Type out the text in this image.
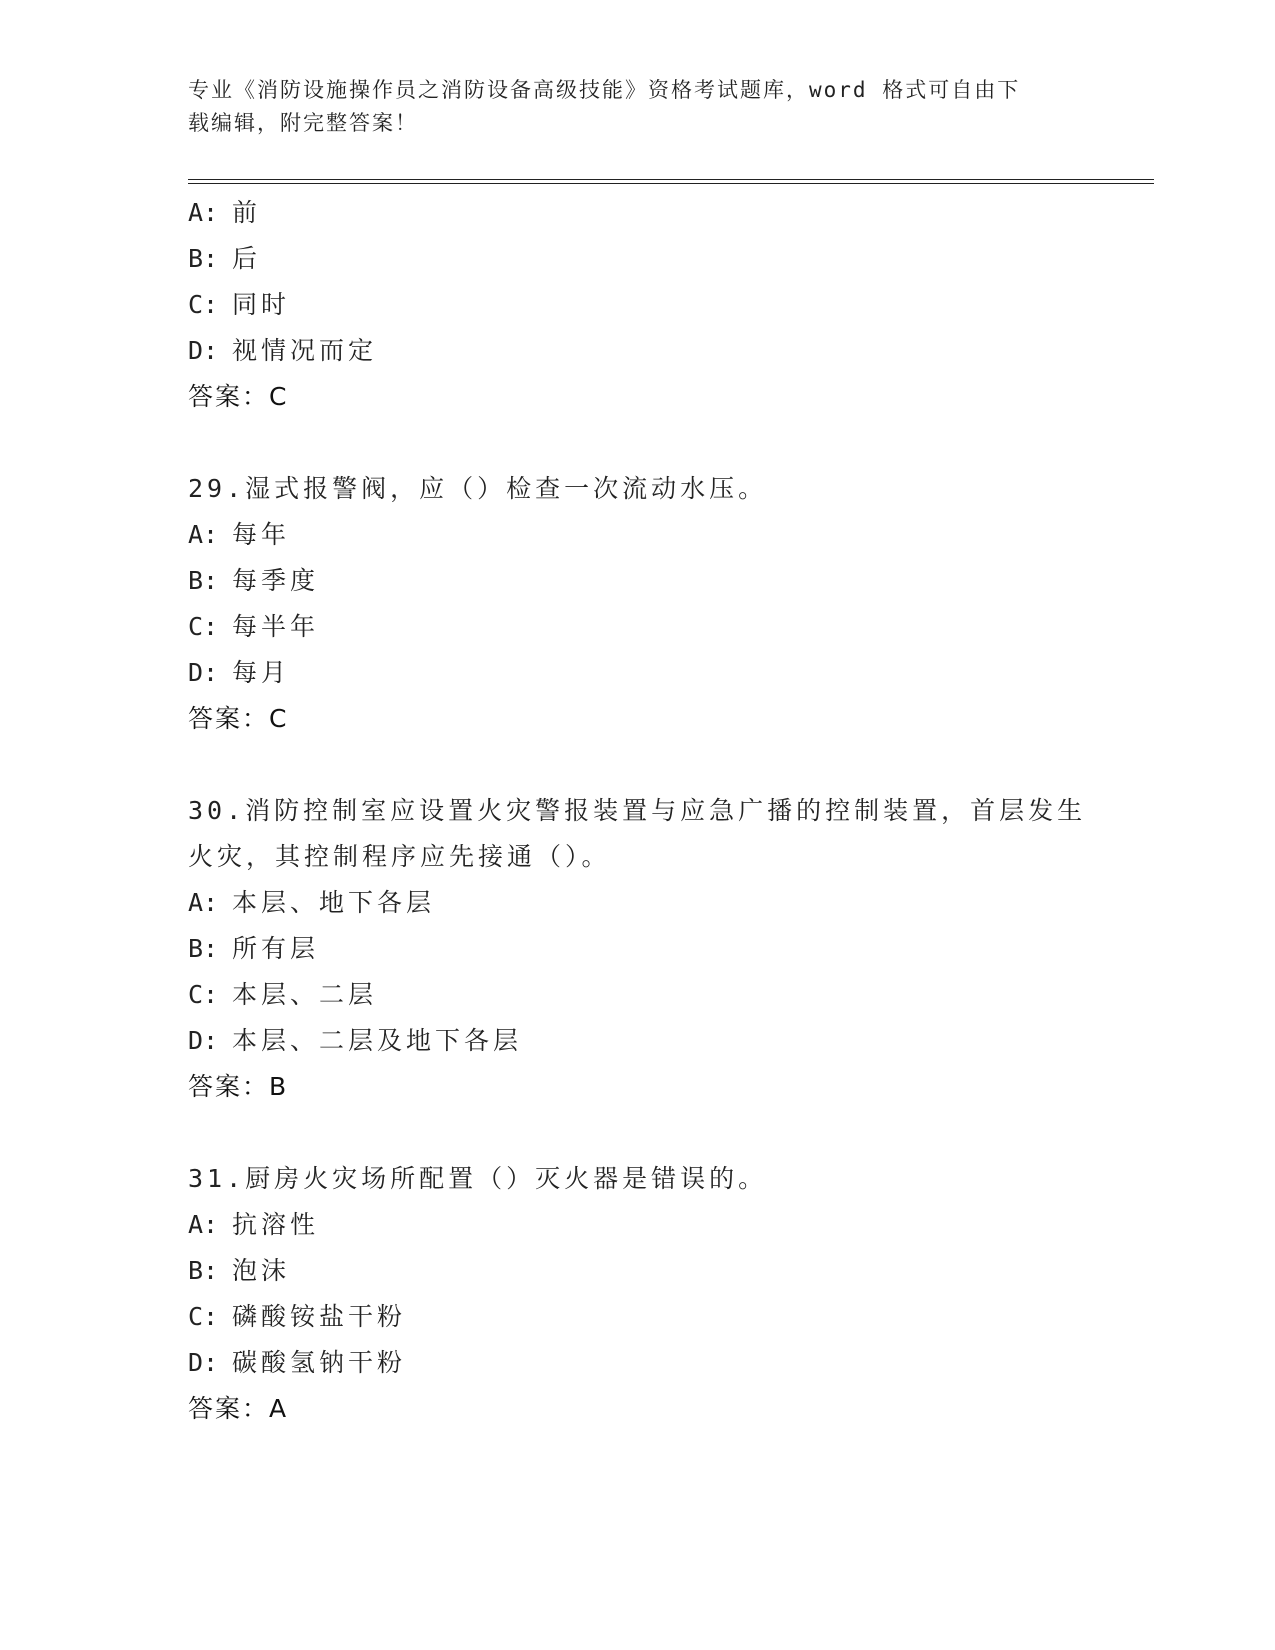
专业《消防设施操作员之消防设备高级技能》资格考试题库，word 格式可自由下
载编辑，附完整答案！
A: 前
B: 后
C: 同时
D: 视情况而定
答案：C
29.湿式报警阀，应（）检查一次流动水压。
A: 每年
B: 每季度
C: 每半年
D: 每月
答案：C
30.消防控制室应设置火灾警报装置与应急广播的控制装置，首层发生
火灾，其控制程序应先接通（）。
A: 本层、地下各层
B: 所有层
C: 本层、二层
D: 本层、二层及地下各层
答案：B
31.厨房火灾场所配置（）灭火器是错误的。
A: 抗溶性
B: 泡沫
C: 磷酸铵盐干粉
D: 碳酸氢钠干粉
答案：A
